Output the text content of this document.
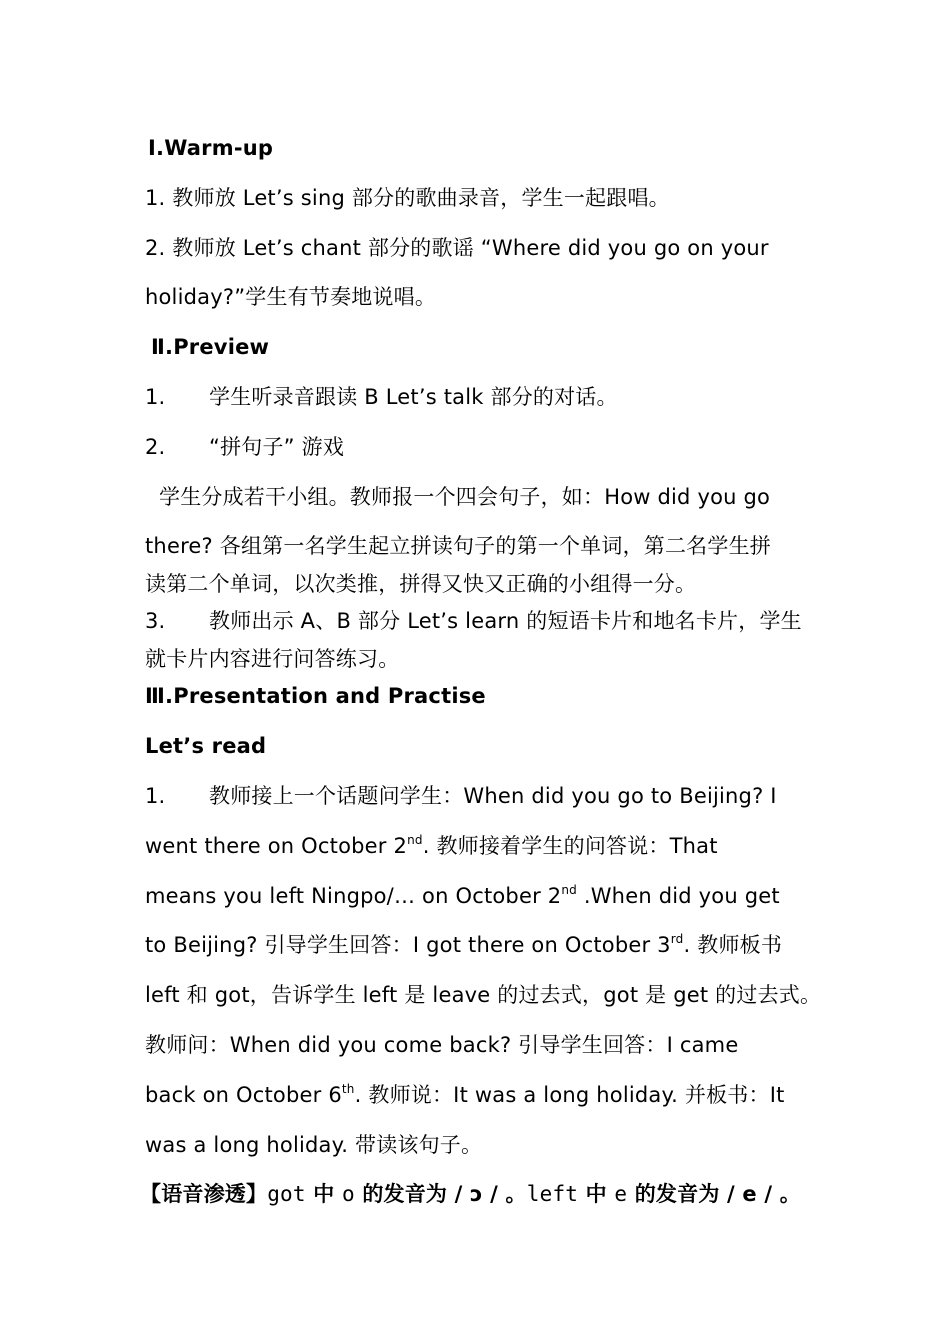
Ⅰ.Warm-up
1. 教师放 Let’s sing 部分的歌曲录音，学生一起跟唱。
2. 教师放 Let’s chant 部分的歌谣 “Where did you go on your
holiday?”学生有节奏地说唱。
Ⅱ.Preview
1. 学生听录音跟读 B Let’s talk 部分的对话。
2. “拼句子” 游戏
学生分成若干小组。教师报一个四会句子，如：How did you go
there? 各组第一名学生起立拼读句子的第一个单词，第二名学生拼
读第二个单词，以次类推，拼得又快又正确的小组得一分。
3. 教师出示 A、B 部分 Let’s learn 的短语卡片和地名卡片，学生
就卡片内容进行问答练习。
Ⅲ.Presentation and Practise
Let’s read
1. 教师接上一个话题问学生：When did you go to Beijing? I
went there on October 2nd. 教师接着学生的问答说：That
means you left Ningpo/… on October 2nd .When did you get
to Beijing? 引导学生回答：I got there on October 3rd. 教师板书
left 和 got，告诉学生 left 是 leave 的过去式，got 是 get 的过去式。
教师问：When did you come back? 引导学生回答：I came
back on October 6th. 教师说：It was a long holiday. 并板书：It
was a long holiday. 带读该句子。
【语音渗透】got 中 o 的发音为 / ɔ / 。left 中 e 的发音为 / e / 。
